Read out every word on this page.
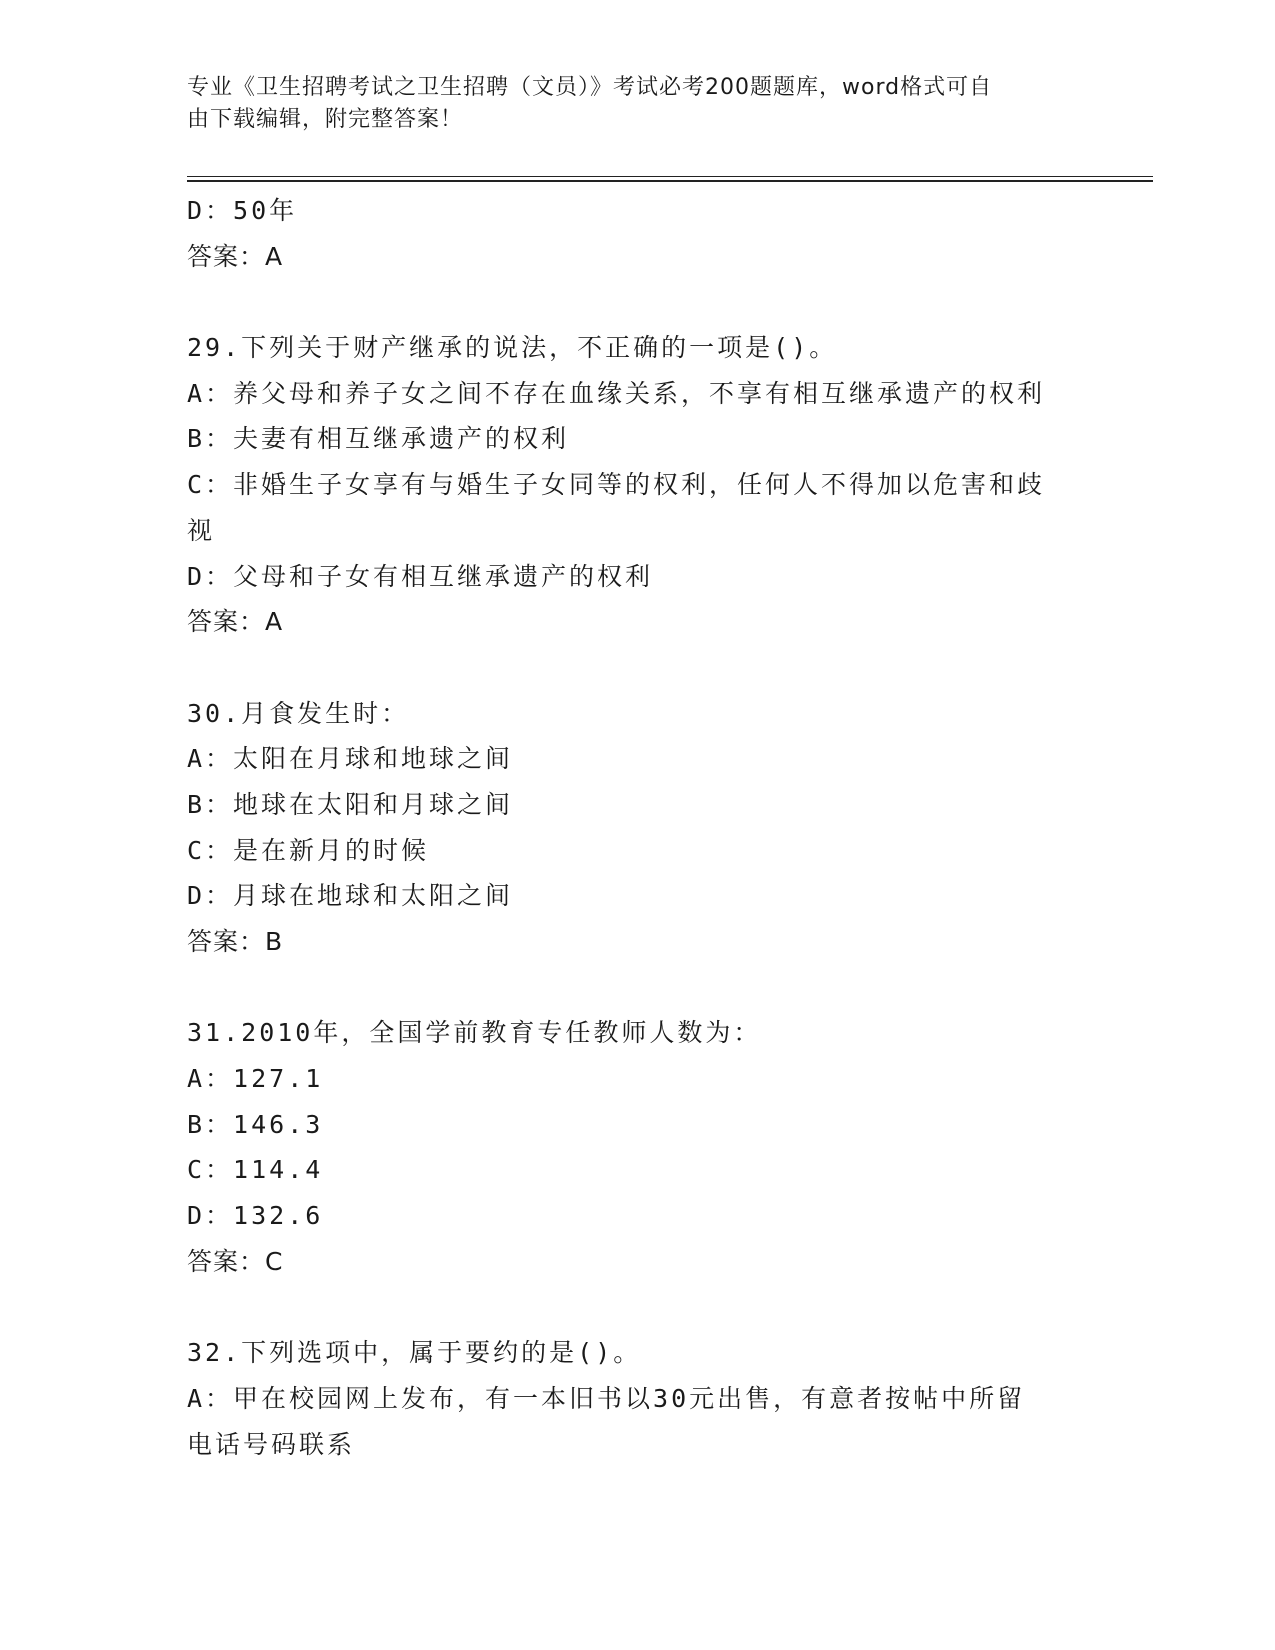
专业《卫生招聘考试之卫生招聘（文员）》考试必考200题题库，word格式可自
由下载编辑，附完整答案！
D：50年
答案：A
29.下列关于财产继承的说法，不正确的一项是()。
A：养父母和养子女之间不存在血缘关系，不享有相互继承遗产的权利
B：夫妻有相互继承遗产的权利
C：非婚生子女享有与婚生子女同等的权利，任何人不得加以危害和歧
视
D：父母和子女有相互继承遗产的权利
答案：A
30.月食发生时：
A：太阳在月球和地球之间
B：地球在太阳和月球之间
C：是在新月的时候
D：月球在地球和太阳之间
答案：B
31.2010年，全国学前教育专任教师人数为：
A：127.1
B：146.3
C：114.4
D：132.6
答案：C
32.下列选项中，属于要约的是()。
A：甲在校园网上发布，有一本旧书以30元出售，有意者按帖中所留
电话号码联系
